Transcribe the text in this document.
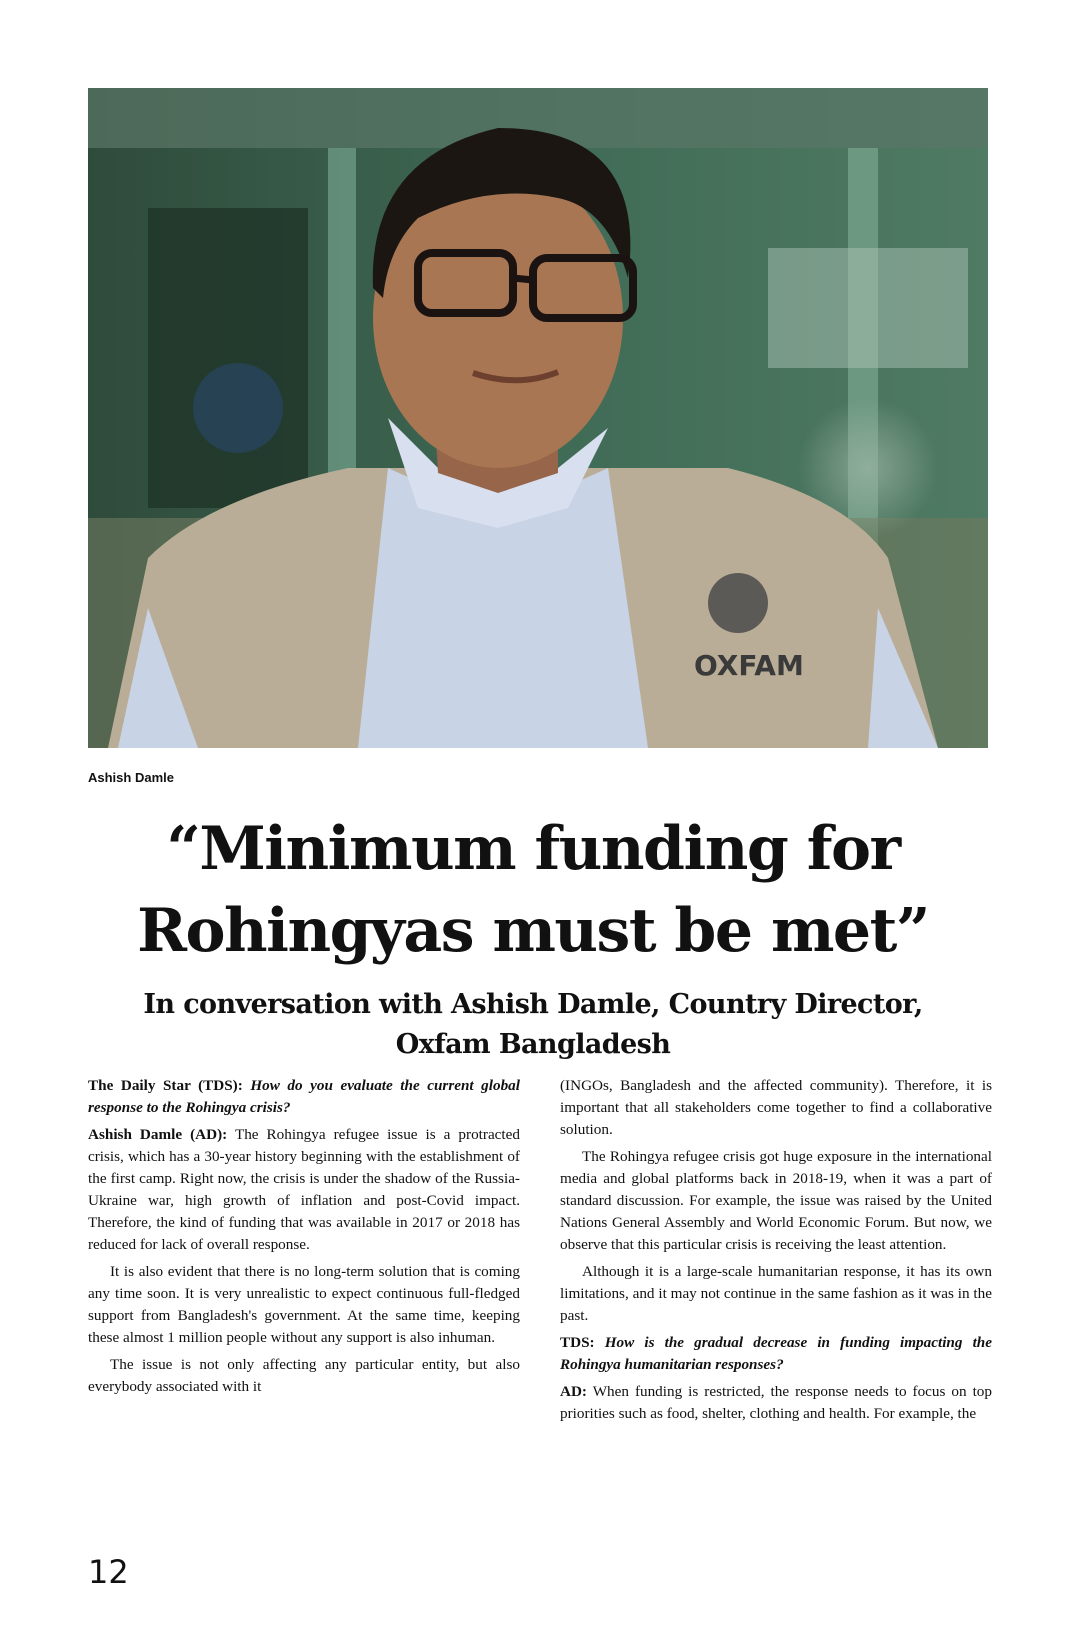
OXFAM
Ashish Damle
“Minimum funding for
Rohingyas must be met”
In conversation with Ashish Damle, Country Director,
Oxfam Bangladesh

The Daily Star (TDS): How do you evaluate the current global response to the Rohingya crisis?

Ashish Damle (AD): The Rohingya refugee issue is a protracted crisis, which has a 30-year history beginning with the establishment of the first camp. Right now, the crisis is under the shadow of the Russia-Ukraine war, high growth of inflation and post-Covid impact. Therefore, the kind of funding that was available in 2017 or 2018 has reduced for lack of overall response.

It is also evident that there is no long-term solution that is coming any time soon. It is very unrealistic to expect continuous full-fledged support from Bangladesh's government. At the same time, keeping these almost 1 million people without any support is also inhuman.

The issue is not only affecting any particular entity, but also everybody associated with it

(INGOs, Bangladesh and the affected community). Therefore, it is important that all stakeholders come together to find a collaborative solution.

The Rohingya refugee crisis got huge exposure in the international media and global platforms back in 2018-19, when it was a part of standard discussion. For example, the issue was raised by the United Nations General Assembly and World Economic Forum. But now, we observe that this particular crisis is receiving the least attention.

Although it is a large-scale humanitarian response, it has its own limitations, and it may not continue in the same fashion as it was in the past.

TDS: How is the gradual decrease in funding impacting the Rohingya humanitarian responses?

AD: When funding is restricted, the response needs to focus on top priorities such as food, shelter, clothing and health. For example, the

12
